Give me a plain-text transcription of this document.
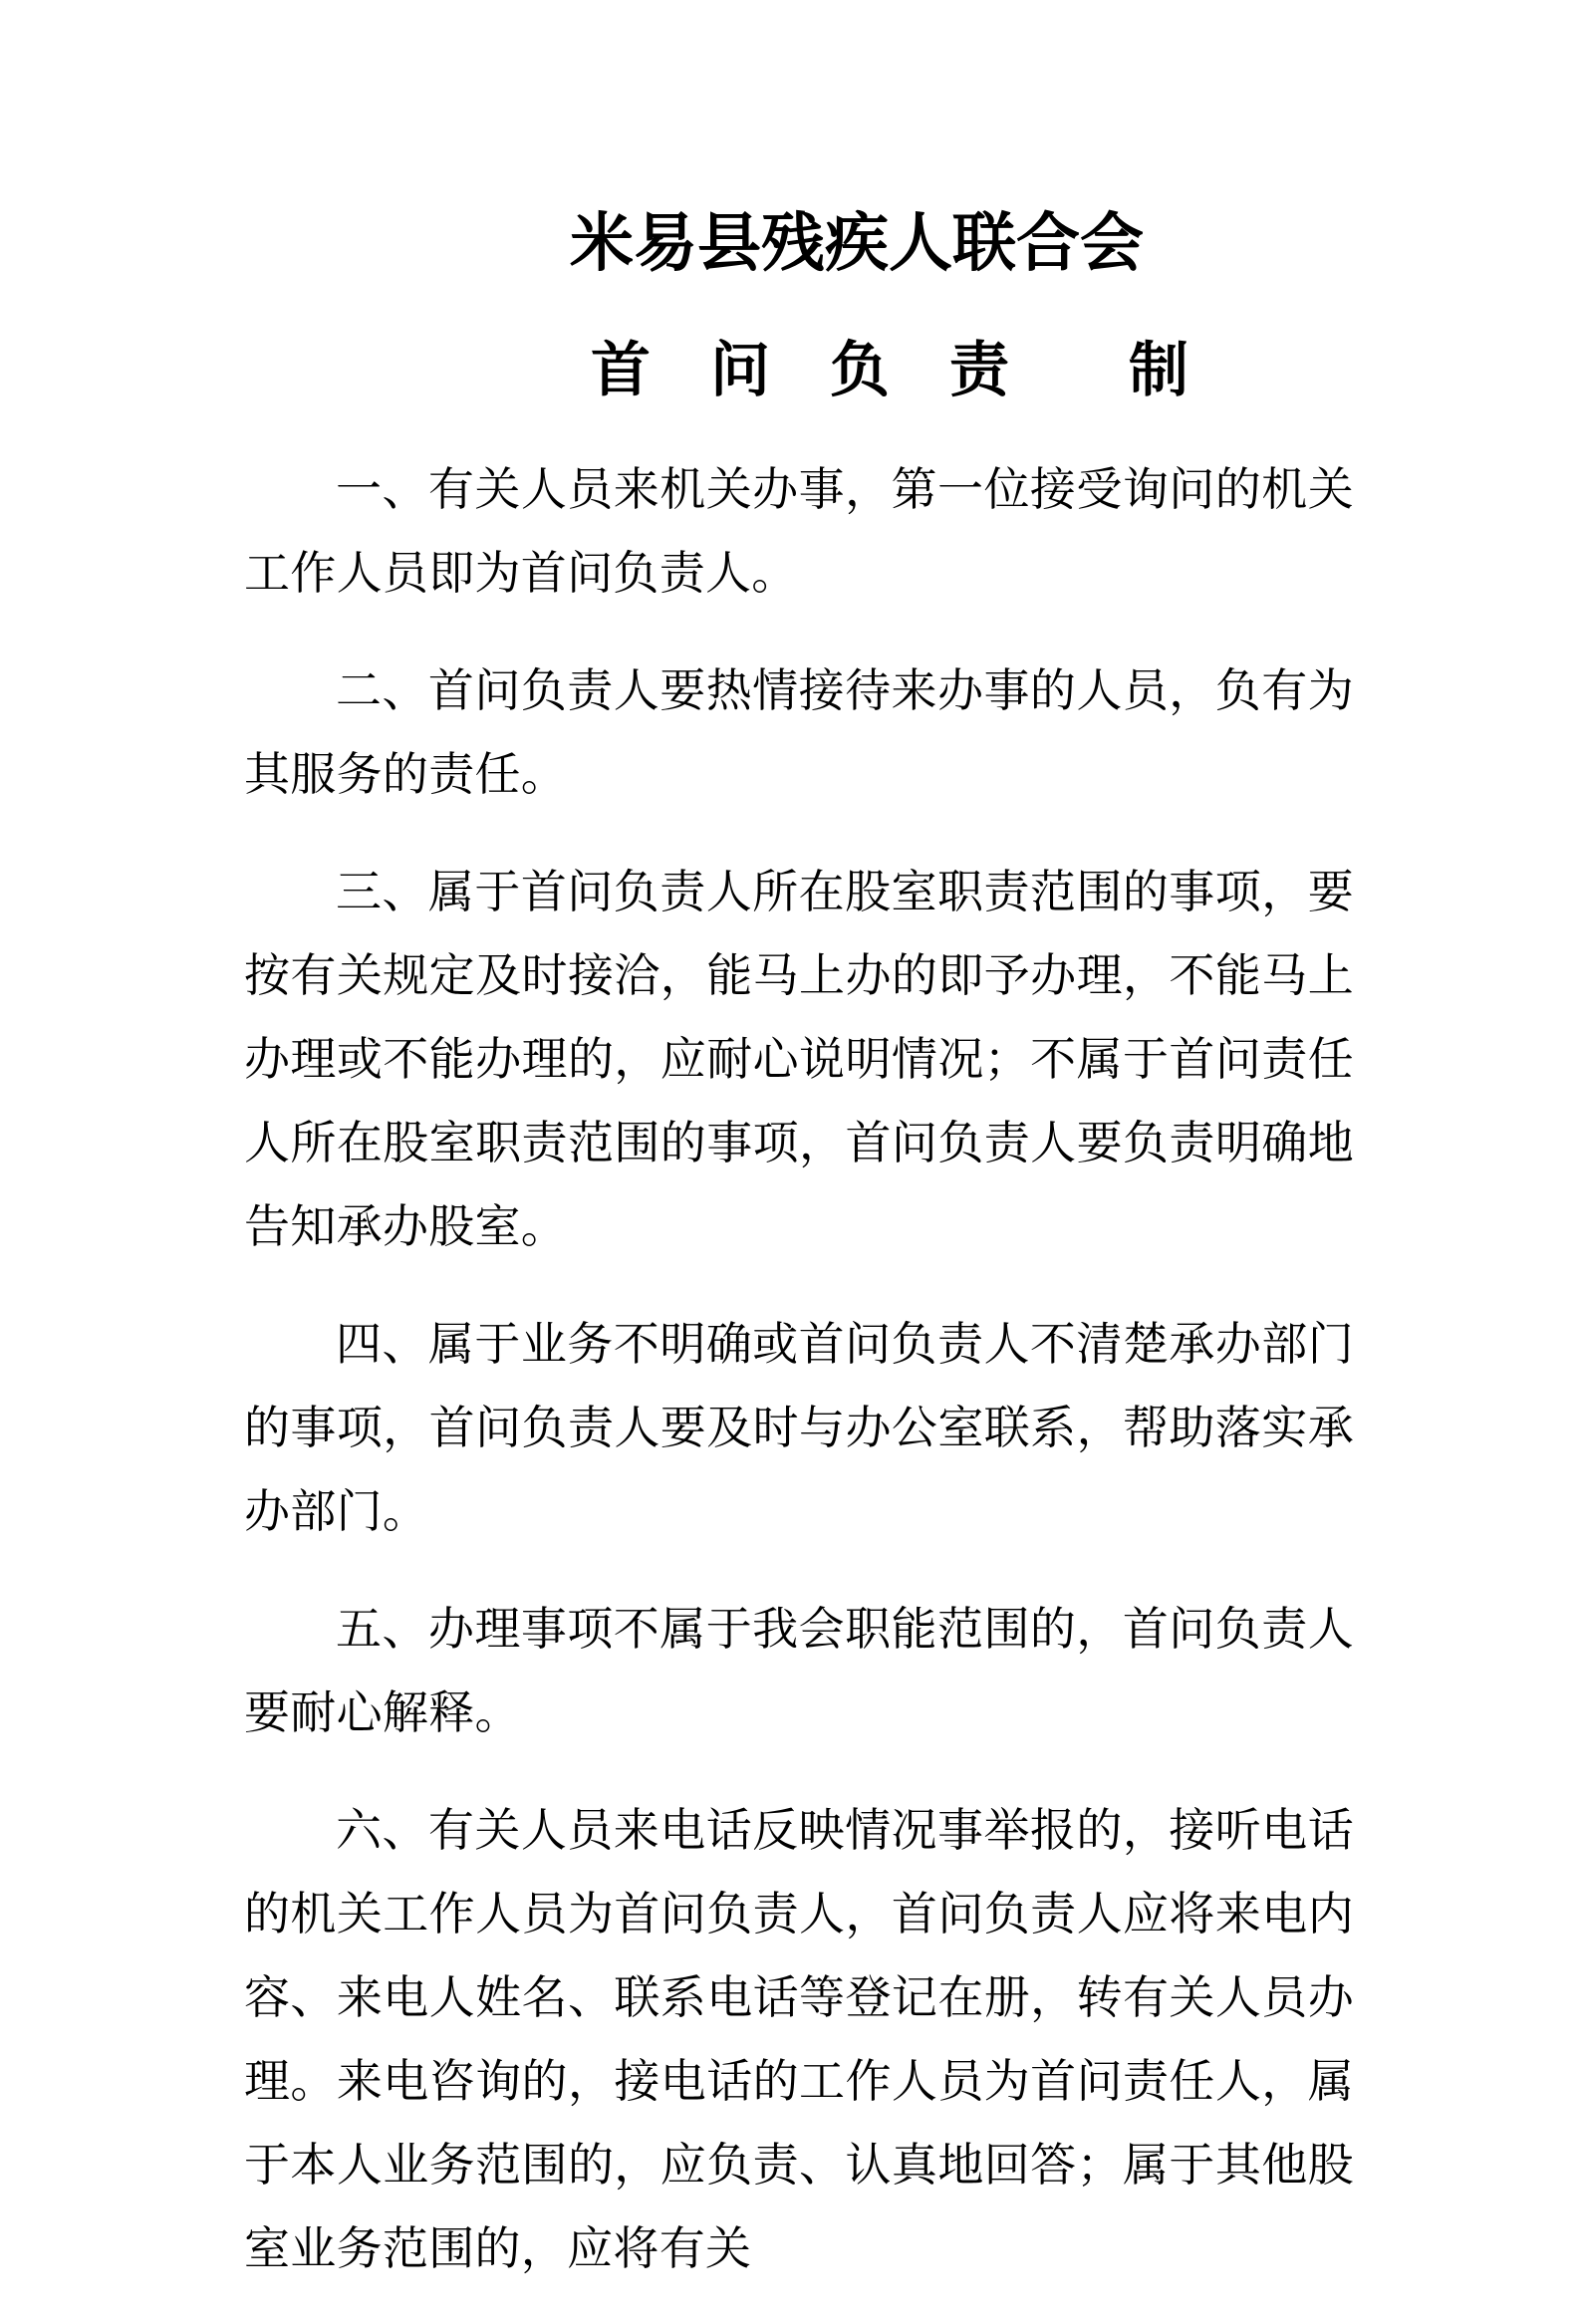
米易县残疾人联合会
首　问　负　责　　制

一、有关人员来机关办事，第一位接受询问的机关工作人员即为首问负责人。

二、首问负责人要热情接待来办事的人员，负有为其服务的责任。

三、属于首问负责人所在股室职责范围的事项，要按有关规定及时接洽，能马上办的即予办理，不能马上办理或不能办理的，应耐心说明情况；不属于首问责任人所在股室职责范围的事项，首问负责人要负责明确地告知承办股室。

四、属于业务不明确或首问负责人不清楚承办部门的事项，首问负责人要及时与办公室联系，帮助落实承办部门。

五、办理事项不属于我会职能范围的，首问负责人要耐心解释。

六、有关人员来电话反映情况事举报的，接听电话的机关工作人员为首问负责人，首问负责人应将来电内容、来电人姓名、联系电话等登记在册，转有关人员办理。来电咨询的，接电话的工作人员为首问责任人，属于本人业务范围的，应负责、认真地回答；属于其他股室业务范围的，应将有关
